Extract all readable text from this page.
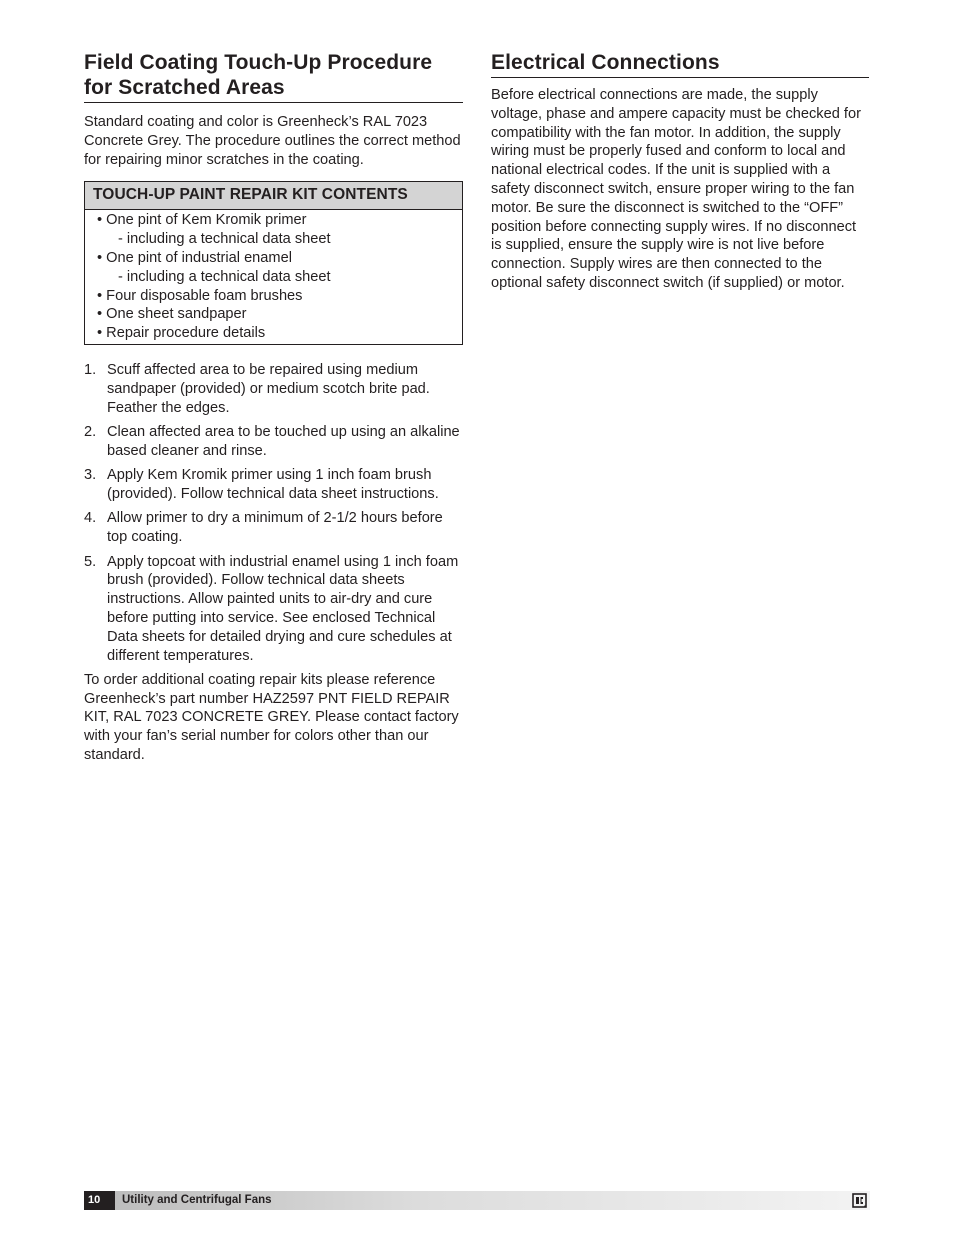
Field Coating Touch-Up Procedure for Scratched Areas

Standard coating and color is Greenheck’s RAL 7023 Concrete Grey. The procedure outlines the correct method for repairing minor scratches in the coating.

TOUCH-UP PAINT REPAIR KIT CONTENTS
• One pint of Kem Kromik primer
- including a technical data sheet
• One pint of industrial enamel
- including a technical data sheet
• Four disposable foam brushes
• One sheet sandpaper
• Repair procedure details
1. Scuff affected area to be repaired using medium sandpaper (provided) or medium scotch brite pad. Feather the edges.
2. Clean affected area to be touched up using an alkaline based cleaner and rinse.
3. Apply Kem Kromik primer using 1 inch foam brush (provided). Follow technical data sheet instructions.
4. Allow primer to dry a minimum of 2-1/2 hours before top coating.
5. Apply topcoat with industrial enamel using 1 inch foam brush (provided). Follow technical data sheets instructions. Allow painted units to air-dry and cure before putting into service. See enclosed Technical Data sheets for detailed drying and cure schedules at different temperatures.

To order additional coating repair kits please reference Greenheck’s part number HAZ2597 PNT FIELD REPAIR KIT, RAL 7023 CONCRETE GREY. Please contact factory with your fan’s serial number for colors other than our standard.

Electrical Connections

Before electrical connections are made, the supply voltage, phase and ampere capacity must be checked for compatibility with the fan motor. In addition, the supply wiring must be properly fused and conform to local and national electrical codes. If the unit is supplied with a safety disconnect switch, ensure proper wiring to the fan motor. Be sure the disconnect is switched to the “OFF” position before connecting supply wires. If no disconnect is supplied, ensure the supply wire is not live before connection. Supply wires are then connected to the optional safety disconnect switch (if supplied) or motor.

10	Utility and Centrifugal Fans
